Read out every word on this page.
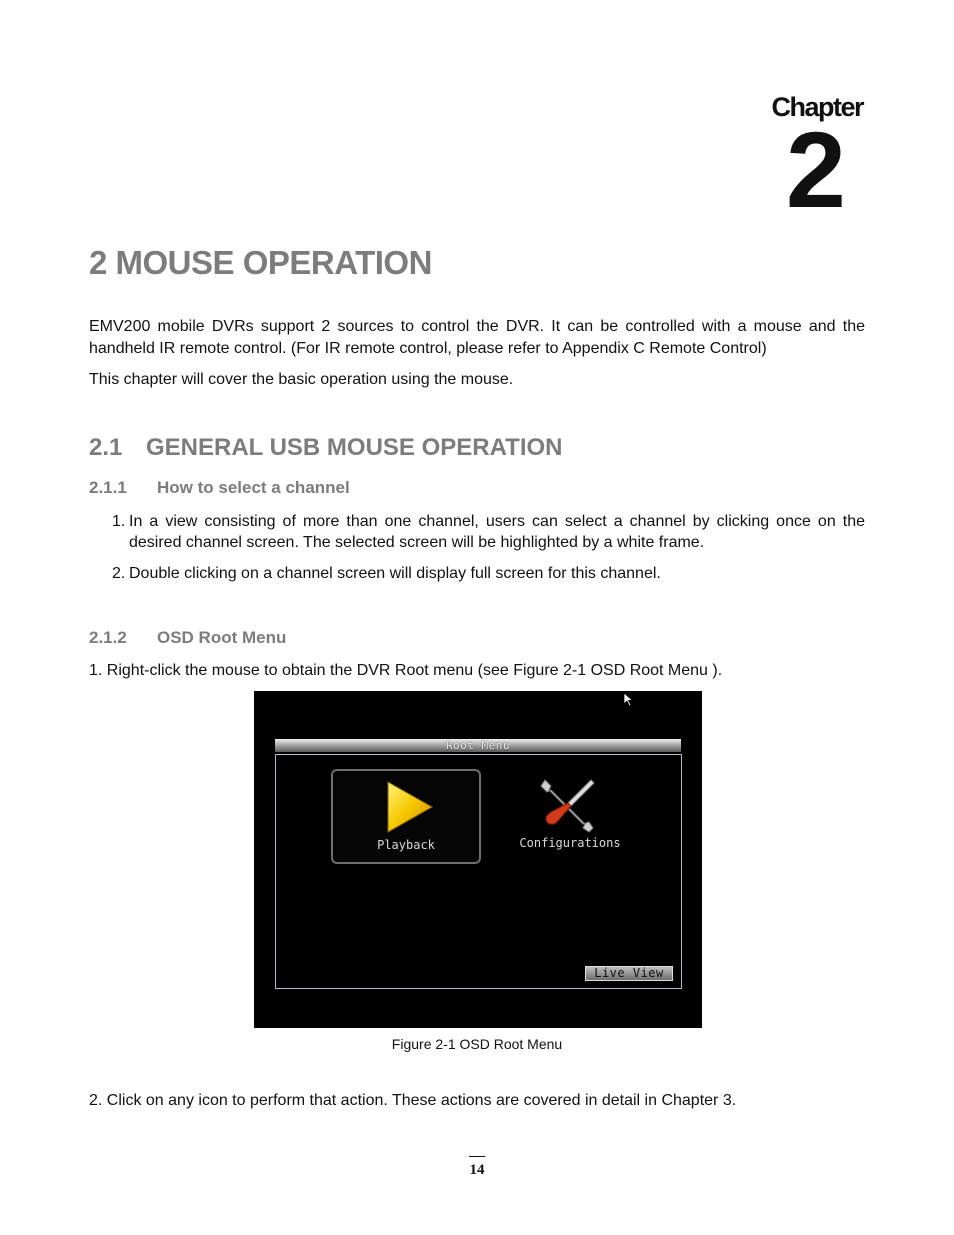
Chapter
2
2 MOUSE OPERATION
EMV200 mobile DVRs support 2 sources to control the DVR. It can be controlled with a mouse and the handheld IR remote control. (For IR remote control, please refer to Appendix C Remote Control)
This chapter will cover the basic operation using the mouse.
2.1 GENERAL USB MOUSE OPERATION
2.1.1 How to select a channel
1. In a view consisting of more than one channel, users can select a channel by clicking once on the desired channel screen. The selected screen will be highlighted by a white frame.
2. Double clicking on a channel screen will display full screen for this channel.
2.1.2 OSD Root Menu
1. Right-click the mouse to obtain the DVR Root menu (see Figure 2-1 OSD Root Menu ).
Root Menu
Playback	Configurations
Live View
Figure 2-1 OSD Root Menu
2. Click on any icon to perform that action. These actions are covered in detail in Chapter 3.
14
